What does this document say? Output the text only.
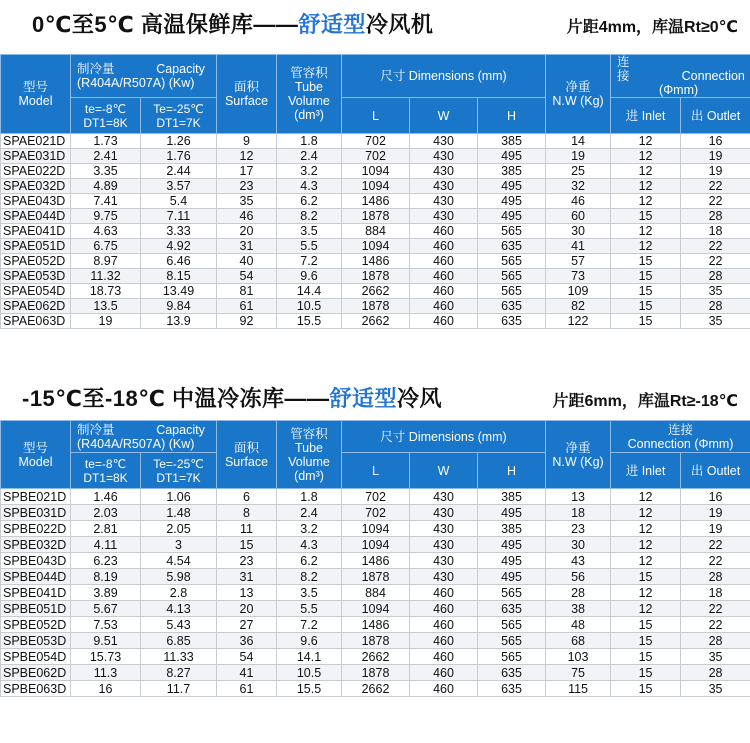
0℃至5℃ 高温保鲜库——舒适型冷风机	片距4mm，库温Rt≥0℃
型号
Model	制冷量 Capacity
(R404A/R507A) (Kw)		面积
Surface	管容积
Tube
Volume
(dm³)	尺寸 Dimensions (mm)			净重
N.W (Kg)	连接 Connection
(Φmm)	
	te=-8℃
DT1=8K	Te=-25℃
DT1=7K			L	W	H		进 Inlet	出 Outlet
SPAE021D	1.73	1.26	9	1.8	702	430	385	14	12	16
SPAE031D	2.41	1.76	12	2.4	702	430	495	19	12	19
SPAE022D	3.35	2.44	17	3.2	1094	430	385	25	12	19
SPAE032D	4.89	3.57	23	4.3	1094	430	495	32	12	22
SPAE043D	7.41	5.4	35	6.2	1486	430	495	46	12	22
SPAE044D	9.75	7.11	46	8.2	1878	430	495	60	15	28
SPAE041D	4.63	3.33	20	3.5	884	460	565	30	12	18
SPAE051D	6.75	4.92	31	5.5	1094	460	635	41	12	22
SPAE052D	8.97	6.46	40	7.2	1486	460	565	57	15	22
SPAE053D	11.32	8.15	54	9.6	1878	460	565	73	15	28
SPAE054D	18.73	13.49	81	14.4	2662	460	565	109	15	35
SPAE062D	13.5	9.84	61	10.5	1878	460	635	82	15	28
SPAE063D	19	13.9	92	15.5	2662	460	635	122	15	35
-15℃至-18℃ 中温冷冻库——舒适型冷风	片距6mm，库温Rt≥-18℃
型号
Model	制冷量 Capacity
(R404A/R507A) (Kw)		面积
Surface	管容积
Tube
Volume
(dm³)	尺寸 Dimensions (mm)			净重
N.W (Kg)	连接
Connection (Φmm)	
	te=-8℃
DT1=8K	Te=-25℃
DT1=7K			L	W	H		进 Inlet	出 Outlet
SPBE021D	1.46	1.06	6	1.8	702	430	385	13	12	16
SPBE031D	2.03	1.48	8	2.4	702	430	495	18	12	19
SPBE022D	2.81	2.05	11	3.2	1094	430	385	23	12	19
SPBE032D	4.11	3	15	4.3	1094	430	495	30	12	22
SPBE043D	6.23	4.54	23	6.2	1486	430	495	43	12	22
SPBE044D	8.19	5.98	31	8.2	1878	430	495	56	15	28
SPBE041D	3.89	2.8	13	3.5	884	460	565	28	12	18
SPBE051D	5.67	4.13	20	5.5	1094	460	635	38	12	22
SPBE052D	7.53	5.43	27	7.2	1486	460	565	48	15	22
SPBE053D	9.51	6.85	36	9.6	1878	460	565	68	15	28
SPBE054D	15.73	11.33	54	14.1	2662	460	565	103	15	35
SPBE062D	11.3	8.27	41	10.5	1878	460	635	75	15	28
SPBE063D	16	11.7	61	15.5	2662	460	635	115	15	35
